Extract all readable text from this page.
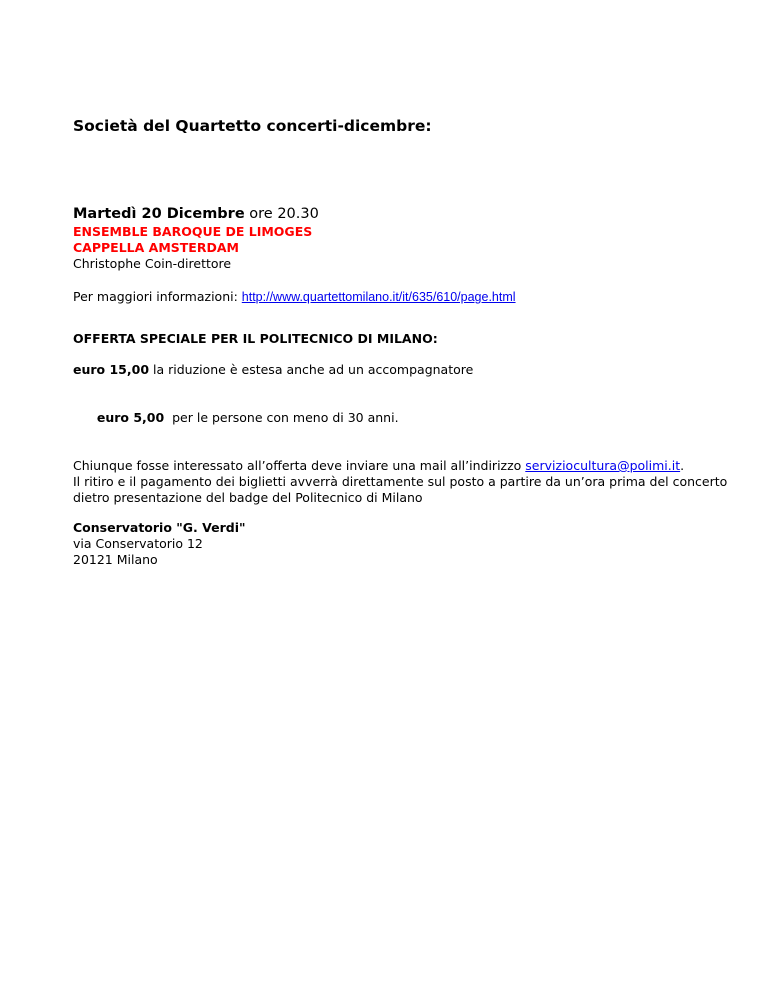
Società del Quartetto concerti-dicembre:
Martedì 20 Dicembre ore 20.30
ENSEMBLE BAROQUE DE LIMOGES
CAPPELLA AMSTERDAM
Christophe Coin-direttore
Per maggiori informazioni: http://www.quartettomilano.it/it/635/610/page.html
OFFERTA SPECIALE PER IL POLITECNICO DI MILANO:
euro 15,00 la riduzione è estesa anche ad un accompagnatore

euro 5,00  per le persone con meno di 30 anni.

Chiunque fosse interessato all’offerta deve inviare una mail all’indirizzo serviziocultura@polimi.it.
Il ritiro e il pagamento dei biglietti avverrà direttamente sul posto a partire da un’ora prima del concerto
dietro presentazione del badge del Politecnico di Milano
Conservatorio "G. Verdi"
via Conservatorio 12
20121 Milano
